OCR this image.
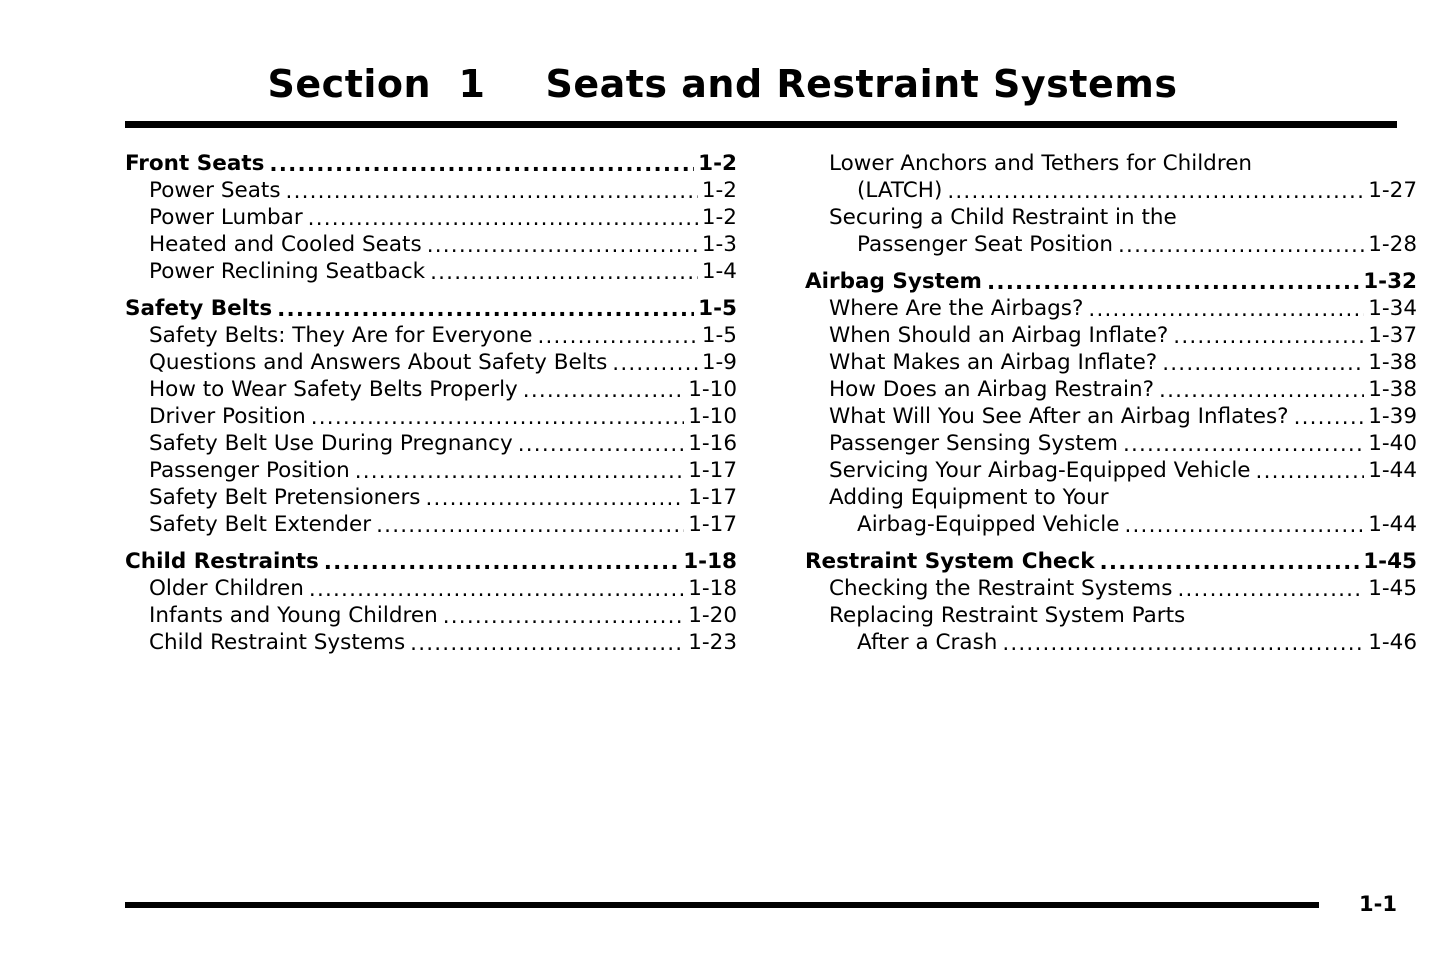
Section  1 Seats and Restraint Systems
Front Seats .....	1-2
Power Seats .....	1-2
Power Lumbar .....	1-2
Heated and Cooled Seats .....	1-3
Power Reclining Seatback .....	1-4
Safety Belts .....	1-5
Safety Belts: They Are for Everyone .....	1-5
Questions and Answers About Safety Belts .....	1-9
How to Wear Safety Belts Properly .....	1-10
Driver Position .....	1-10
Safety Belt Use During Pregnancy .....	1-16
Passenger Position .....	1-17
Safety Belt Pretensioners .....	1-17
Safety Belt Extender .....	1-17
Child Restraints .....	1-18
Older Children .....	1-18
Infants and Young Children .....	1-20
Child Restraint Systems .....	1-23
Lower Anchors and Tethers for Children
(LATCH) .....	1-27
Securing a Child Restraint in the
Passenger Seat Position .....	1-28
Airbag System .....	1-32
Where Are the Airbags? .....	1-34
When Should an Airbag Inflate? .....	1-37
What Makes an Airbag Inflate? .....	1-38
How Does an Airbag Restrain? .....	1-38
What Will You See After an Airbag Inflates? .....	1-39
Passenger Sensing System .....	1-40
Servicing Your Airbag-Equipped Vehicle .....	1-44
Adding Equipment to Your
Airbag-Equipped Vehicle .....	1-44
Restraint System Check .....	1-45
Checking the Restraint Systems .....	1-45
Replacing Restraint System Parts
After a Crash .....	1-46
1-1
